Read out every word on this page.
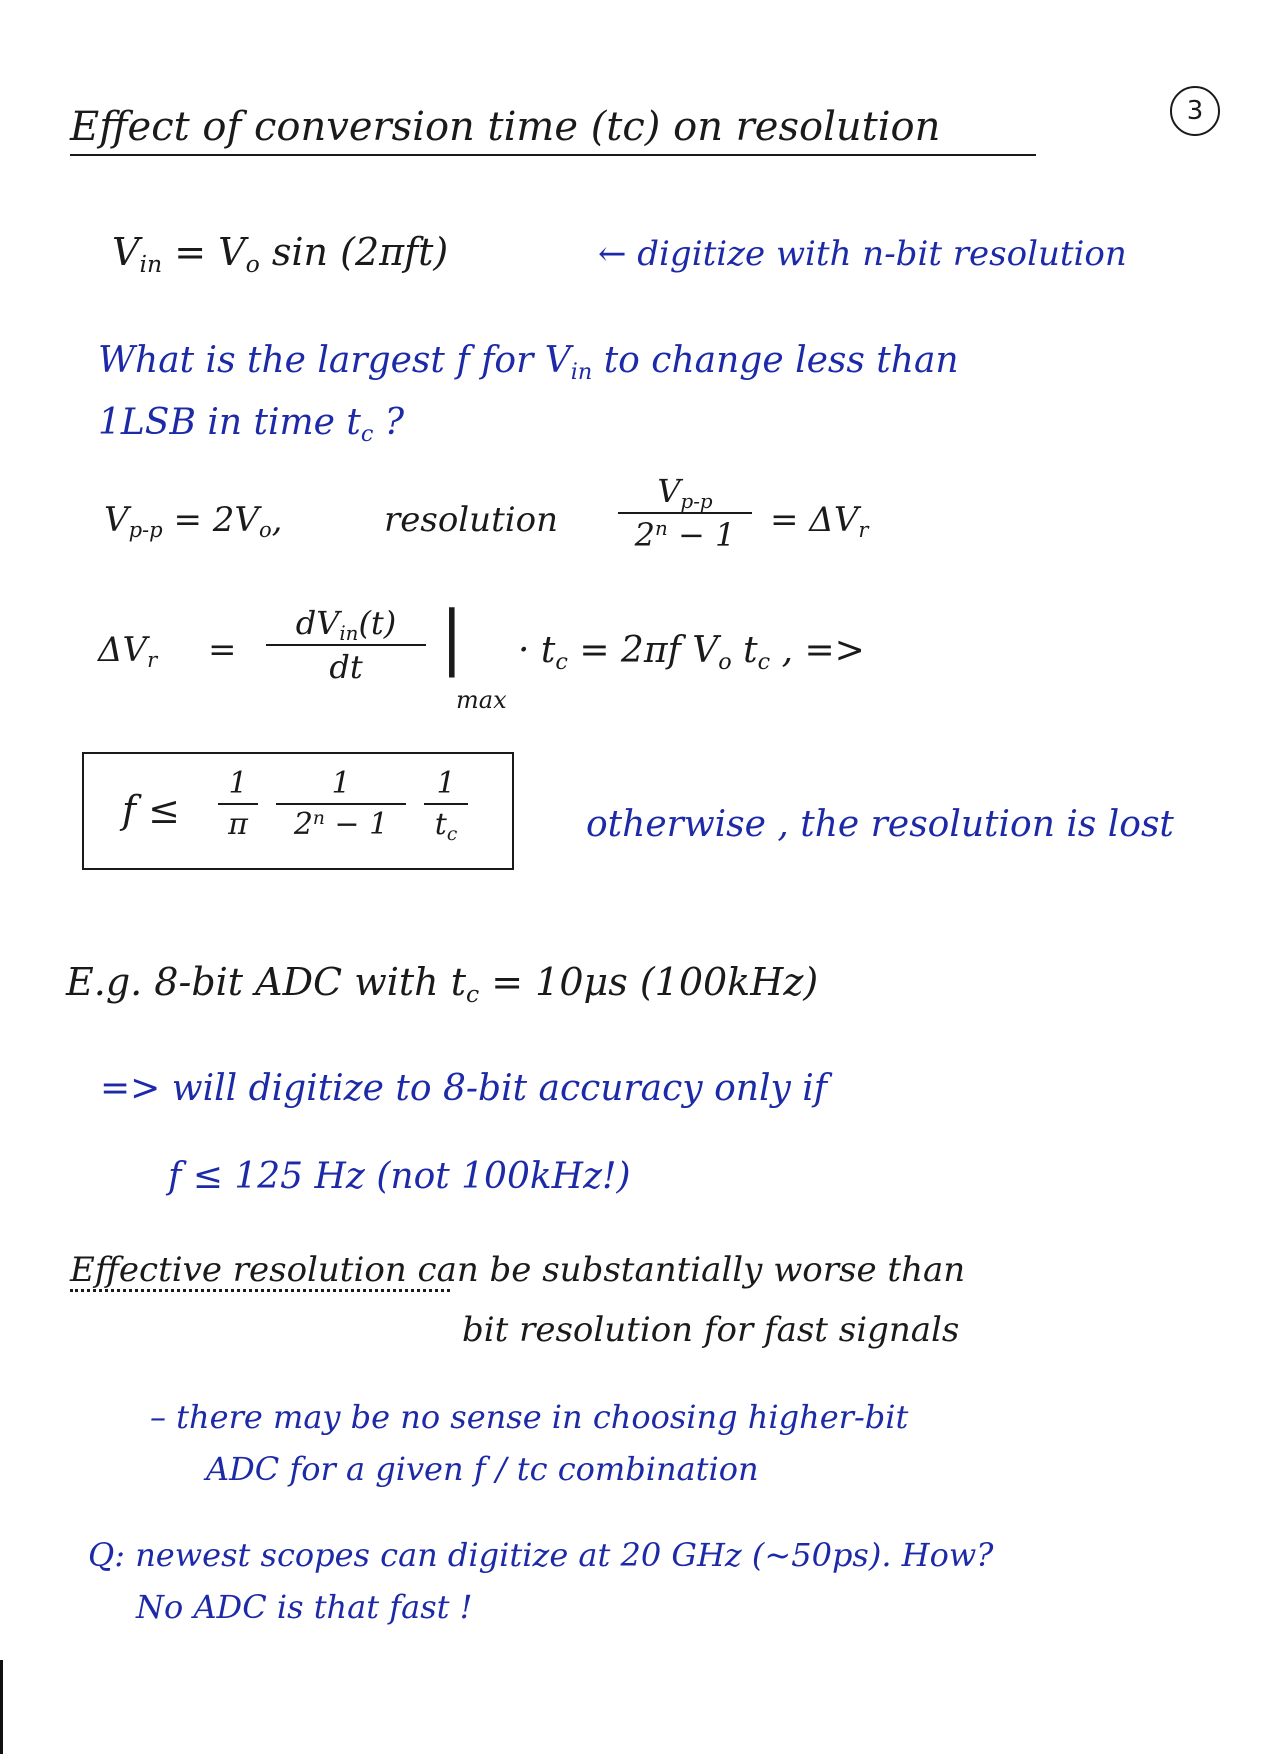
3
Effect of conversion time (tc) on resolution
Vin = Vo sin (2πft)	← digitize with n-bit resolution
What is the largest f for Vin to change less than
1LSB in time tc ?
Vp-p = 2Vo,	resolution
Vp-p
$2^n - 1$	= ΔVr
ΔVr =
dVin(t)
dt	|
max
· tc = 2πf Vo tc , =>
f ≤
1
π
1
$2^n - 1$
1
tc	otherwise , the resolution is lost
E.g. 8-bit ADC with tc = 10μs (100kHz)
=> will digitize to 8-bit accuracy only if
f ≤ 125 Hz (not 100kHz!)
Effective resolution can be substantially worse than
bit resolution for fast signals
– there may be no sense in choosing higher-bit
ADC for a given f / tc combination
Q: newest scopes can digitize at 20 GHz (~50ps). How?
No ADC is that fast !
